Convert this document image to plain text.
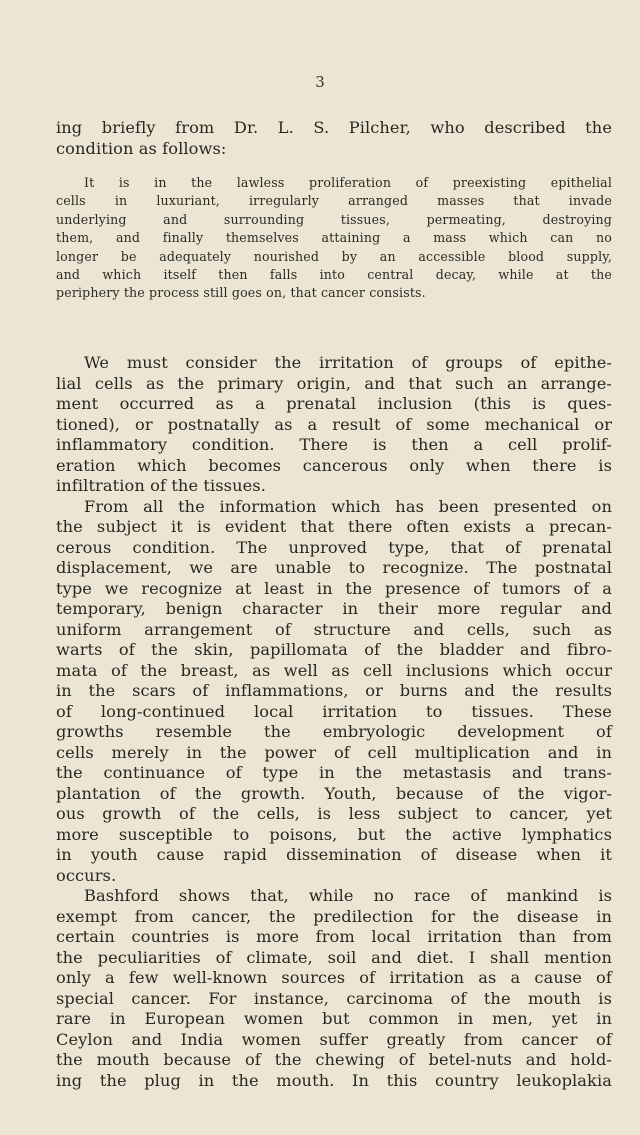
3
ing briefly from Dr. L. S. Pilcher, who described the
condition as follows:
It is in the lawless proliferation of preexisting epithelial
cells in luxuriant, irregularly arranged masses that invade
underlying and surrounding tissues, permeating, destroying
them, and finally themselves attaining a mass which can no
longer be adequately nourished by an accessible blood supply,
and which itself then falls into central decay, while at the
periphery the process still goes on, that cancer consists.
We must consider the irritation of groups of epithe-
lial cells as the primary origin, and that such an arrange-
ment occurred as a prenatal inclusion (this is ques-
tioned), or postnatally as a result of some mechanical or
inflammatory condition. There is then a cell prolif-
eration which becomes cancerous only when there is
infiltration of the tissues.
From all the information which has been presented on
the subject it is evident that there often exists a precan-
cerous condition. The unproved type, that of prenatal
displacement, we are unable to recognize. The postnatal
type we recognize at least in the presence of tumors of a
temporary, benign character in their more regular and
uniform arrangement of structure and cells, such as
warts of the skin, papillomata of the bladder and fibro-
mata of the breast, as well as cell inclusions which occur
in the scars of inflammations, or burns and the results
of long-continued local irritation to tissues. These
growths resemble the embryologic development of
cells merely in the power of cell multiplication and in
the continuance of type in the metastasis and trans-
plantation of the growth. Youth, because of the vigor-
ous growth of the cells, is less subject to cancer, yet
more susceptible to poisons, but the active lymphatics
in youth cause rapid dissemination of disease when it
occurs.
Bashford shows that, while no race of mankind is
exempt from cancer, the predilection for the disease in
certain countries is more from local irritation than from
the peculiarities of climate, soil and diet. I shall mention
only a few well-known sources of irritation as a cause of
special cancer. For instance, carcinoma of the mouth is
rare in European women but common in men, yet in
Ceylon and India women suffer greatly from cancer of
the mouth because of the chewing of betel-nuts and hold-
ing the plug in the mouth. In this country leukoplakia
